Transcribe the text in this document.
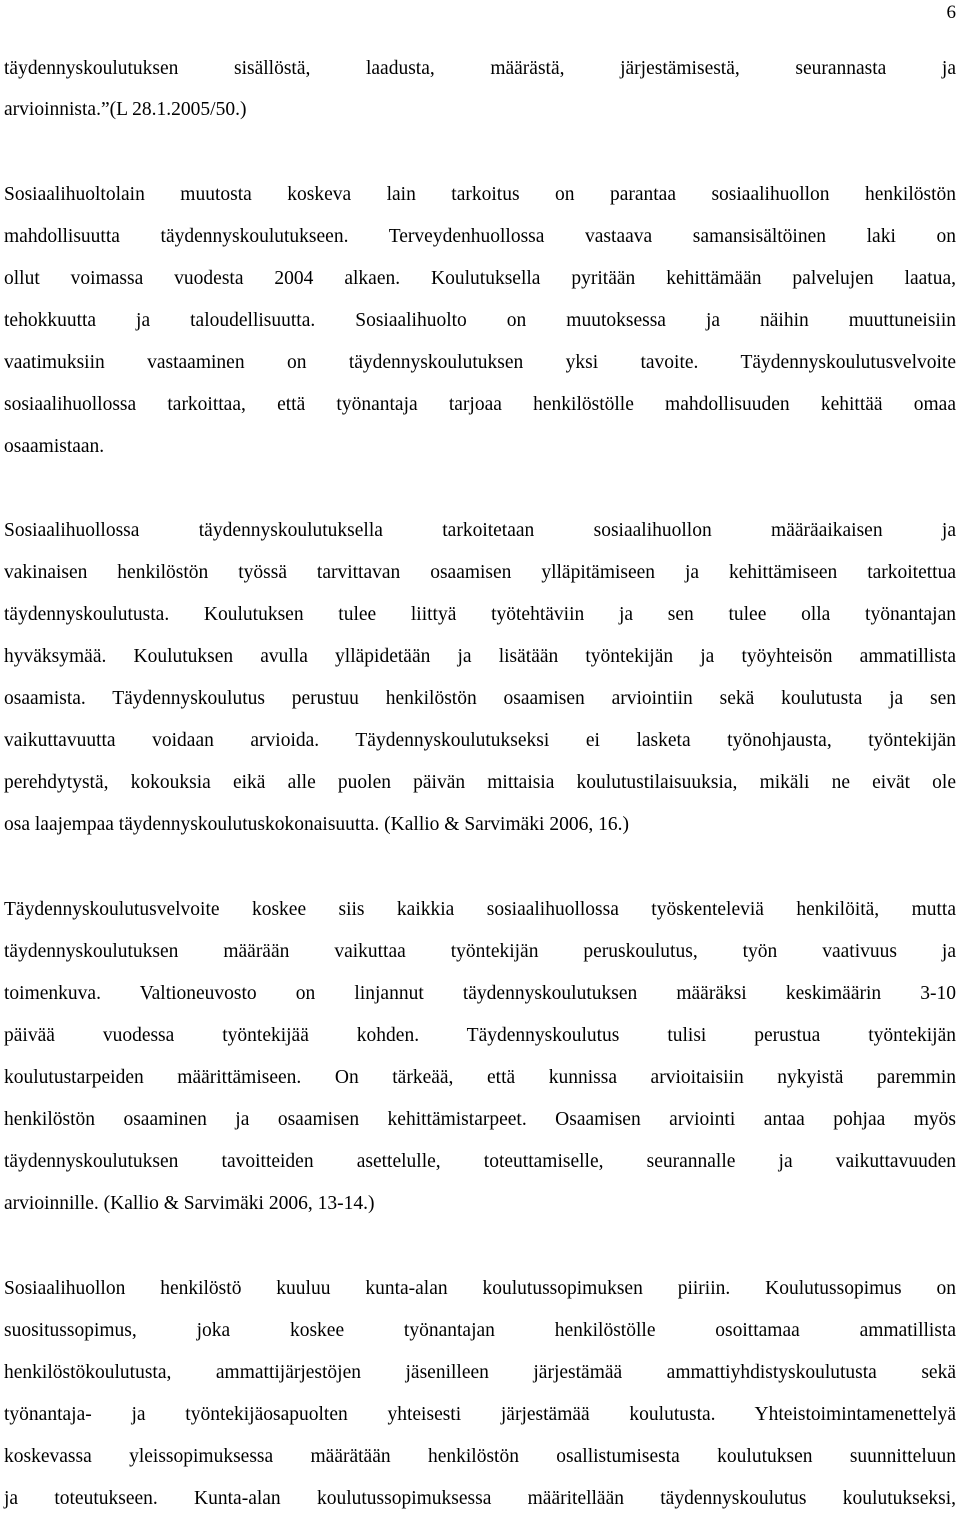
6
täydennyskoulutuksen sisällöstä, laadusta, määrästä, järjestämisestä, seurannasta ja
arvioinnista.”(L 28.1.2005/50.)
Sosiaalihuoltolain muutosta koskeva lain tarkoitus on parantaa sosiaalihuollon henkilöstön
mahdollisuutta täydennyskoulutukseen. Terveydenhuollossa vastaava samansisältöinen laki on
ollut voimassa vuodesta 2004 alkaen. Koulutuksella pyritään kehittämään palvelujen laatua,
tehokkuutta ja taloudellisuutta. Sosiaalihuolto on muutoksessa ja näihin muuttuneisiin
vaatimuksiin vastaaminen on täydennyskoulutuksen yksi tavoite. Täydennyskoulutusvelvoite
sosiaalihuollossa tarkoittaa, että työnantaja tarjoaa henkilöstölle mahdollisuuden kehittää omaa
osaamistaan.
Sosiaalihuollossa täydennyskoulutuksella tarkoitetaan sosiaalihuollon määräaikaisen ja
vakinaisen henkilöstön työssä tarvittavan osaamisen ylläpitämiseen ja kehittämiseen tarkoitettua
täydennyskoulutusta. Koulutuksen tulee liittyä työtehtäviin ja sen tulee olla työnantajan
hyväksymää. Koulutuksen avulla ylläpidetään ja lisätään työntekijän ja työyhteisön ammatillista
osaamista. Täydennyskoulutus perustuu henkilöstön osaamisen arviointiin sekä koulutusta ja sen
vaikuttavuutta voidaan arvioida. Täydennyskoulutukseksi ei lasketa työnohjausta, työntekijän
perehdytystä, kokouksia eikä alle puolen päivän mittaisia koulutustilaisuuksia, mikäli ne eivät ole
osa laajempaa täydennyskoulutuskokonaisuutta. (Kallio & Sarvimäki 2006, 16.)
Täydennyskoulutusvelvoite koskee siis kaikkia sosiaalihuollossa työskenteleviä henkilöitä, mutta
täydennyskoulutuksen määrään vaikuttaa työntekijän peruskoulutus, työn vaativuus ja
toimenkuva. Valtioneuvosto on linjannut täydennyskoulutuksen määräksi keskimäärin 3-10
päivää vuodessa työntekijää kohden. Täydennyskoulutus tulisi perustua työntekijän
koulutustarpeiden määrittämiseen. On tärkeää, että kunnissa arvioitaisiin nykyistä paremmin
henkilöstön osaaminen ja osaamisen kehittämistarpeet. Osaamisen arviointi antaa pohjaa myös
täydennyskoulutuksen tavoitteiden asettelulle, toteuttamiselle, seurannalle ja vaikuttavuuden
arvioinnille. (Kallio & Sarvimäki 2006, 13-14.)
Sosiaalihuollon henkilöstö kuuluu kunta-alan koulutussopimuksen piiriin. Koulutussopimus on
suositussopimus, joka koskee työnantajan henkilöstölle osoittamaa ammatillista
henkilöstökoulutusta, ammattijärjestöjen jäsenilleen järjestämää ammattiyhdistyskoulutusta sekä
työnantaja- ja työntekijäosapuolten yhteisesti järjestämää koulutusta. Yhteistoimintamenettelyä
koskevassa yleissopimuksessa määrätään henkilöstön osallistumisesta koulutuksen suunnitteluun
ja toteutukseen. Kunta-alan koulutussopimuksessa määritellään täydennyskoulutus koulutukseksi,
